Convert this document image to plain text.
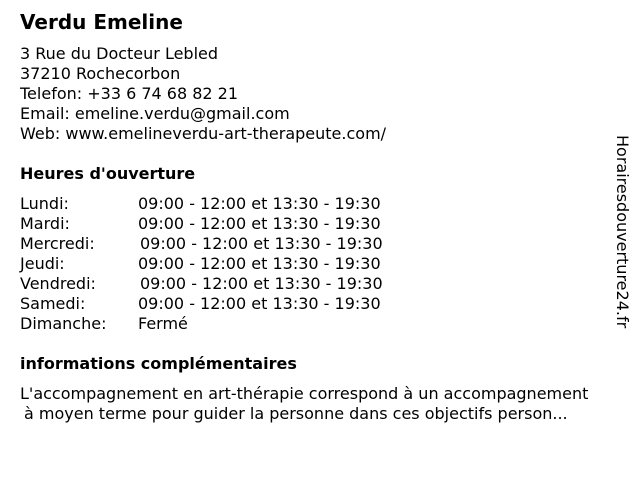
Verdu Emeline
3 Rue du Docteur Lebled
37210 Rochecorbon
Telefon: +33 6 74 68 82 21
Email: emeline.verdu@gmail.com
Web: www.emelineverdu-art-therapeute.com/
Heures d'ouverture
Lundi:	09:00 - 12:00 et 13:30 - 19:30
Mardi:	09:00 - 12:00 et 13:30 - 19:30
Mercredi:	09:00 - 12:00 et 13:30 - 19:30
Jeudi:	09:00 - 12:00 et 13:30 - 19:30
Vendredi:	09:00 - 12:00 et 13:30 - 19:30
Samedi:	09:00 - 12:00 et 13:30 - 19:30
Dimanche: Fermé
informations complémentaires
L'accompagnement en art-thérapie correspond à un accompagnement
à moyen terme pour guider la personne dans ces objectifs person...
Horairesdouverture24.fr
